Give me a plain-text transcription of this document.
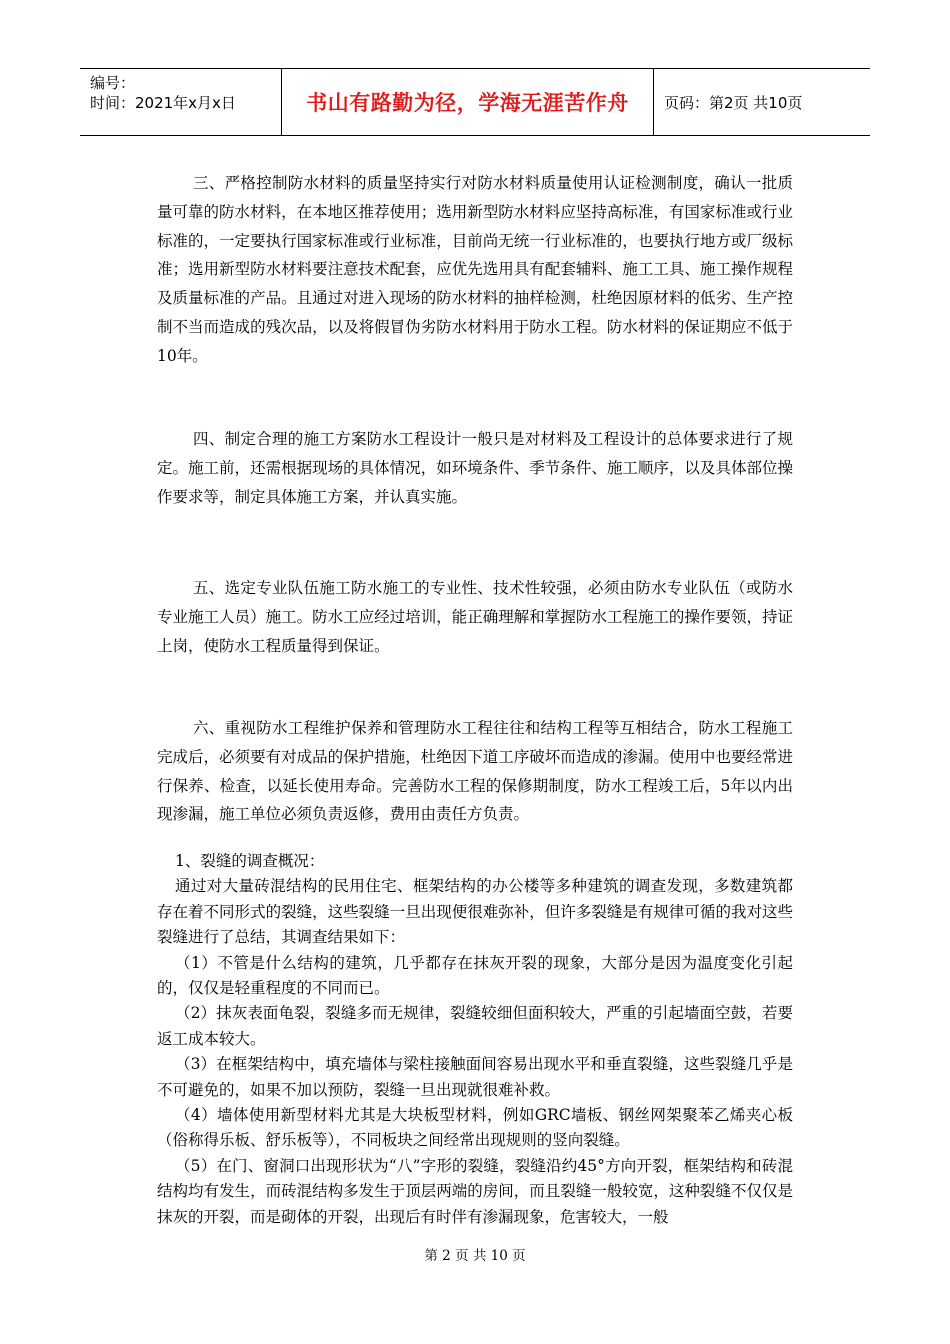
编号：
时间：2021年x月x日	书山有路勤为径，学海无涯苦作舟	页码：第2页 共10页

三、严格控制防水材料的质量坚持实行对防水材料质量使用认证检测制度，确认一批质量可靠的防水材料，在本地区推荐使用；选用新型防水材料应坚持高标准，有国家标准或行业标准的，一定要执行国家标准或行业标准，目前尚无统一行业标准的，也要执行地方或厂级标准；选用新型防水材料要注意技术配套，应优先选用具有配套辅料、施工工具、施工操作规程及质量标准的产品。且通过对进入现场的防水材料的抽样检测，杜绝因原材料的低劣、生产控制不当而造成的残次品，以及将假冒伪劣防水材料用于防水工程。防水材料的保证期应不低于10年。

四、制定合理的施工方案防水工程设计一般只是对材料及工程设计的总体要求进行了规定。施工前，还需根据现场的具体情况，如环境条件、季节条件、施工顺序，以及具体部位操作要求等，制定具体施工方案，并认真实施。

五、选定专业队伍施工防水施工的专业性、技术性较强，必须由防水专业队伍（或防水专业施工人员）施工。防水工应经过培训，能正确理解和掌握防水工程施工的操作要领，持证上岗，使防水工程质量得到保证。

六、重视防水工程维护保养和管理防水工程往往和结构工程等互相结合，防水工程施工完成后，必须要有对成品的保护措施，杜绝因下道工序破坏而造成的渗漏。使用中也要经常进行保养、检查，以延长使用寿命。完善防水工程的保修期制度，防水工程竣工后，5年以内出现渗漏，施工单位必须负责返修，费用由责任方负责。

1、裂缝的调查概况：
通过对大量砖混结构的民用住宅、框架结构的办公楼等多种建筑的调查发现，多数建筑都存在着不同形式的裂缝，这些裂缝一旦出现便很难弥补，但许多裂缝是有规律可循的我对这些裂缝进行了总结，其调查结果如下：
（1）不管是什么结构的建筑，几乎都存在抹灰开裂的现象，大部分是因为温度变化引起的，仅仅是轻重程度的不同而已。
（2）抹灰表面龟裂，裂缝多而无规律，裂缝较细但面积较大，严重的引起墙面空鼓，若要返工成本较大。
（3）在框架结构中，填充墙体与梁柱接触面间容易出现水平和垂直裂缝，这些裂缝几乎是不可避免的，如果不加以预防，裂缝一旦出现就很难补救。
（4）墙体使用新型材料尤其是大块板型材料，例如GRC墙板、钢丝网架聚苯乙烯夹心板（俗称得乐板、舒乐板等），不同板块之间经常出现规则的竖向裂缝。
（5）在门、窗洞口出现形状为“八”字形的裂缝，裂缝沿约45°方向开裂，框架结构和砖混结构均有发生，而砖混结构多发生于顶层两端的房间，而且裂缝一般较宽，这种裂缝不仅仅是抹灰的开裂，而是砌体的开裂，出现后有时伴有渗漏现象，危害较大，一般
第 2 页 共 10 页
